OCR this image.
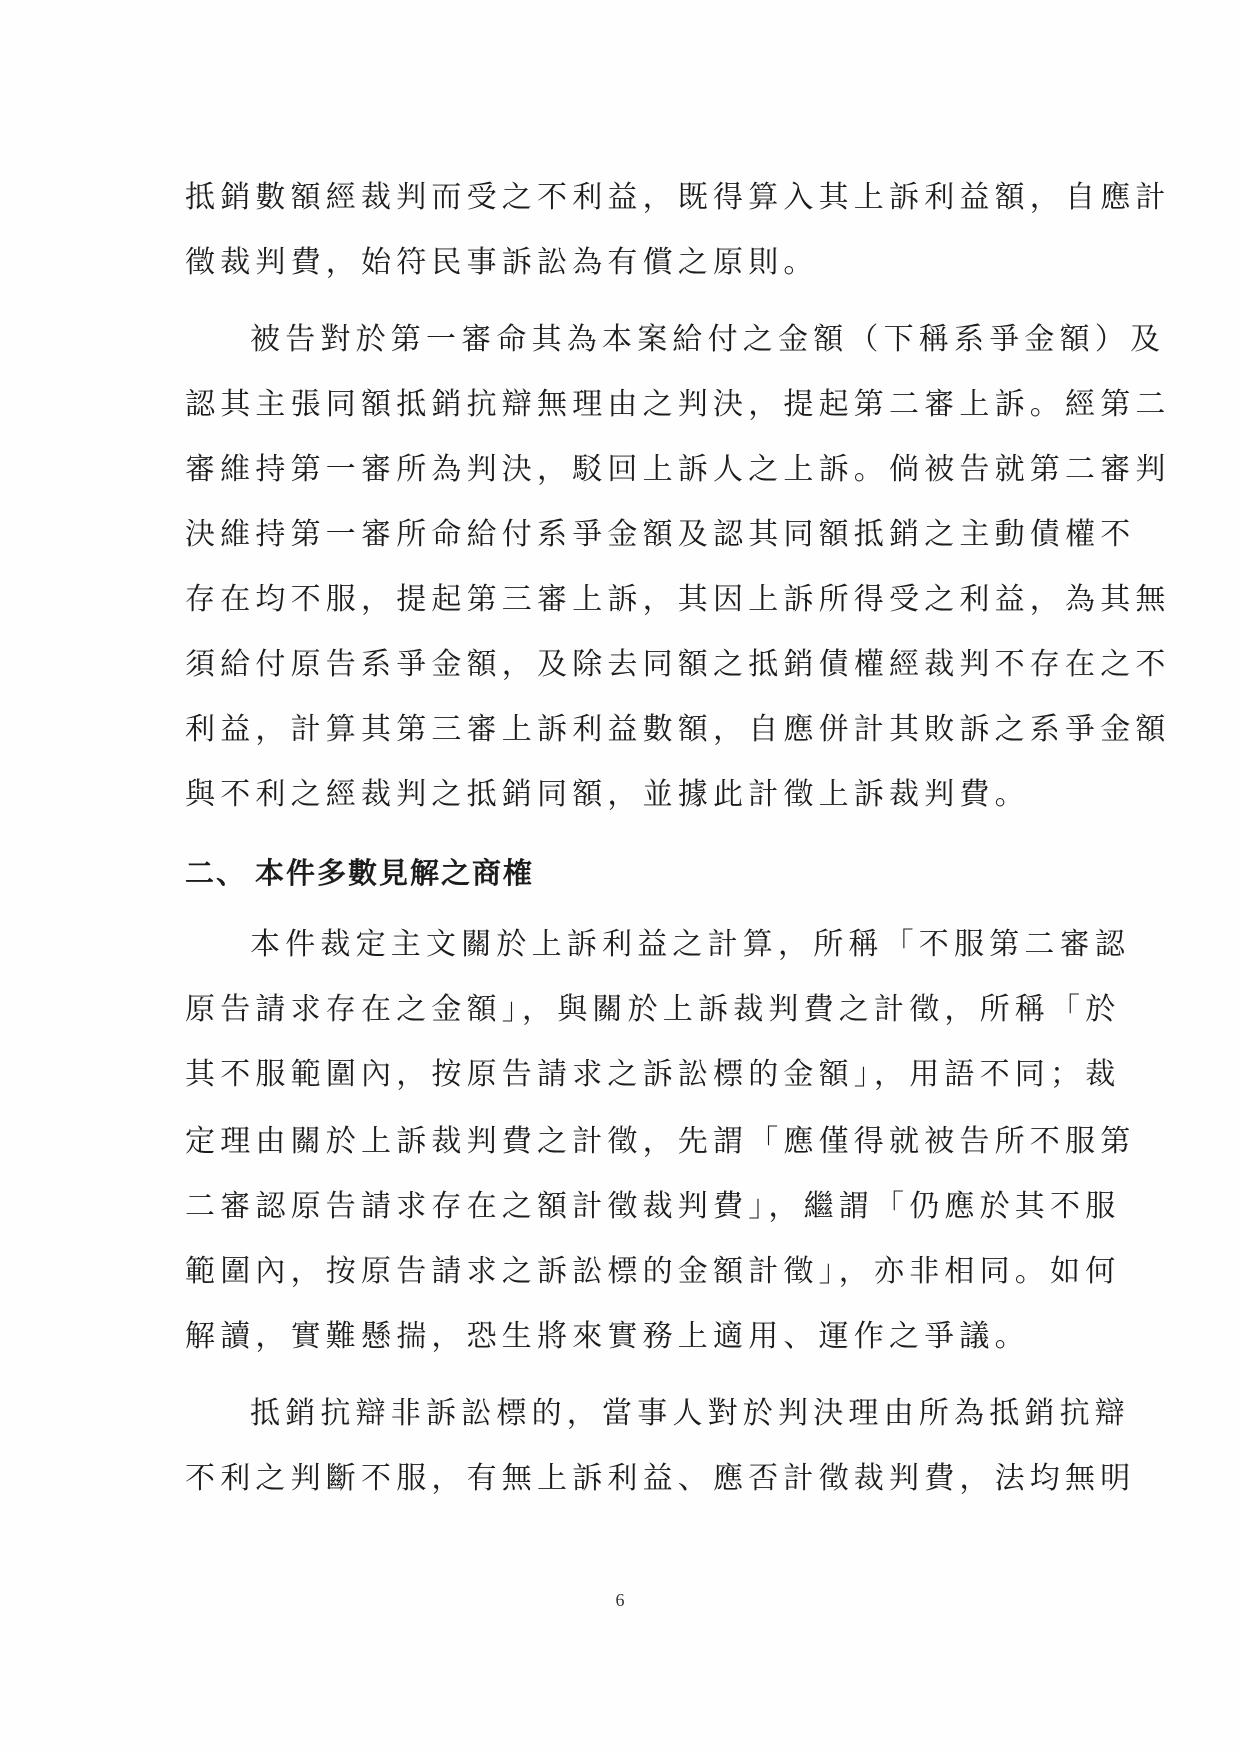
抵銷數額經裁判而受之不利益，既得算入其上訴利益額，自應計
徵裁判費，始符民事訴訟為有償之原則。
被告對於第一審命其為本案給付之金額（下稱系爭金額）及
認其主張同額抵銷抗辯無理由之判決，提起第二審上訴。經第二
審維持第一審所為判決，駁回上訴人之上訴。倘被告就第二審判
決維持第一審所命給付系爭金額及認其同額抵銷之主動債權不
存在均不服，提起第三審上訴，其因上訴所得受之利益，為其無
須給付原告系爭金額，及除去同額之抵銷債權經裁判不存在之不
利益，計算其第三審上訴利益數額，自應併計其敗訴之系爭金額
與不利之經裁判之抵銷同額，並據此計徵上訴裁判費。
二、 本件多數見解之商榷
本件裁定主文關於上訴利益之計算，所稱「不服第二審認
原告請求存在之金額」，與關於上訴裁判費之計徵，所稱「於
其不服範圍內，按原告請求之訴訟標的金額」，用語不同；裁
定理由關於上訴裁判費之計徵，先謂「應僅得就被告所不服第
二審認原告請求存在之額計徵裁判費」，繼謂「仍應於其不服
範圍內，按原告請求之訴訟標的金額計徵」，亦非相同。如何
解讀，實難懸揣，恐生將來實務上適用、運作之爭議。
抵銷抗辯非訴訟標的，當事人對於判決理由所為抵銷抗辯
不利之判斷不服，有無上訴利益、應否計徵裁判費，法均無明
6
